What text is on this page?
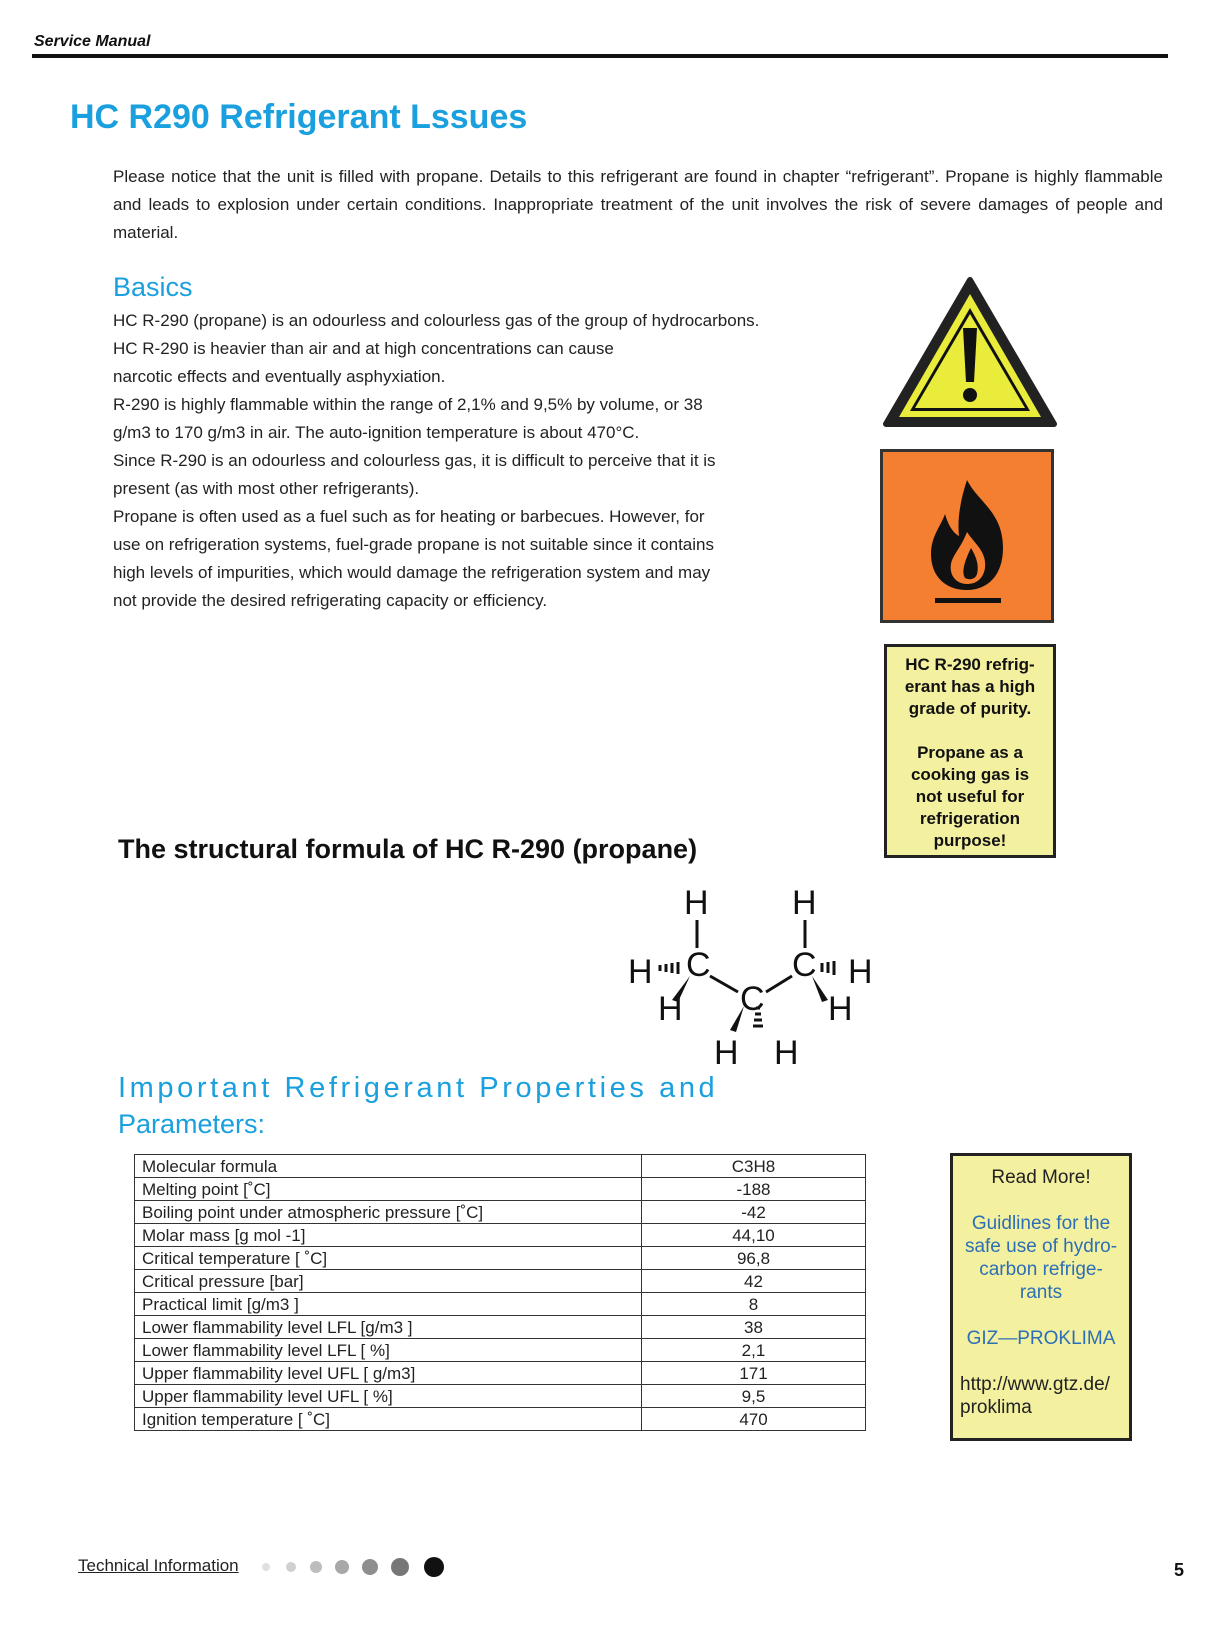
Service Manual
HC R290 Refrigerant Lssues
Please notice that the unit is filled with propane. Details to this refrigerant are found in chapter “refrigerant”. Propane is highly flammable and leads to explosion under certain conditions. Inappropriate treatment of the unit involves the risk of severe damages of people and material.
Basics
HC R-290 (propane) is an odourless and colourless gas of the group of hydrocarbons.
HC R-290 is heavier than air and at high concentrations can cause
narcotic effects and eventually asphyxiation.
R-290 is highly flammable within the range of 2,1% and 9,5% by volume, or 38
g/m3 to 170 g/m3 in air. The auto-ignition temperature is about 470°C.
Since R-290 is an odourless and colourless gas, it is difficult to perceive that it is
present (as with most other refrigerants).
Propane is often used as a fuel such as for heating or barbecues. However, for
use on refrigeration systems, fuel-grade propane is not suitable since it contains
high levels of impurities, which would damage the refrigeration system and may
not provide the desired refrigerating capacity or efficiency.
HC R-290 refrig-
erant has a high
grade of purity.
Propane as a
cooking gas is
not useful for
refrigeration
purpose!
The structural formula of HC R-290 (propane)
H H
C C
C
H	H
H	H
H H
Important Refrigerant Properties and
Parameters:
Molecular formula	C3H8
Melting point [˚C]	-188
Boiling point under atmospheric pressure [˚C]	-42
Molar mass [g mol -1]	44,10
Critical temperature [ ˚C]	96,8
Critical pressure [bar]	42
Practical limit [g/m3 ]	8
Lower flammability level LFL [g/m3 ]	38
Lower flammability level LFL [ %]	2,1
Upper flammability level UFL [ g/m3]	171
Upper flammability level UFL [ %]	9,5
Ignition temperature [ ˚C]	470
Read More!
Guidlines for the
safe use of hydro-
carbon refrige-
rants
GIZ—PROKLIMA
http://www.gtz.de/
proklima
Technical Information	5
